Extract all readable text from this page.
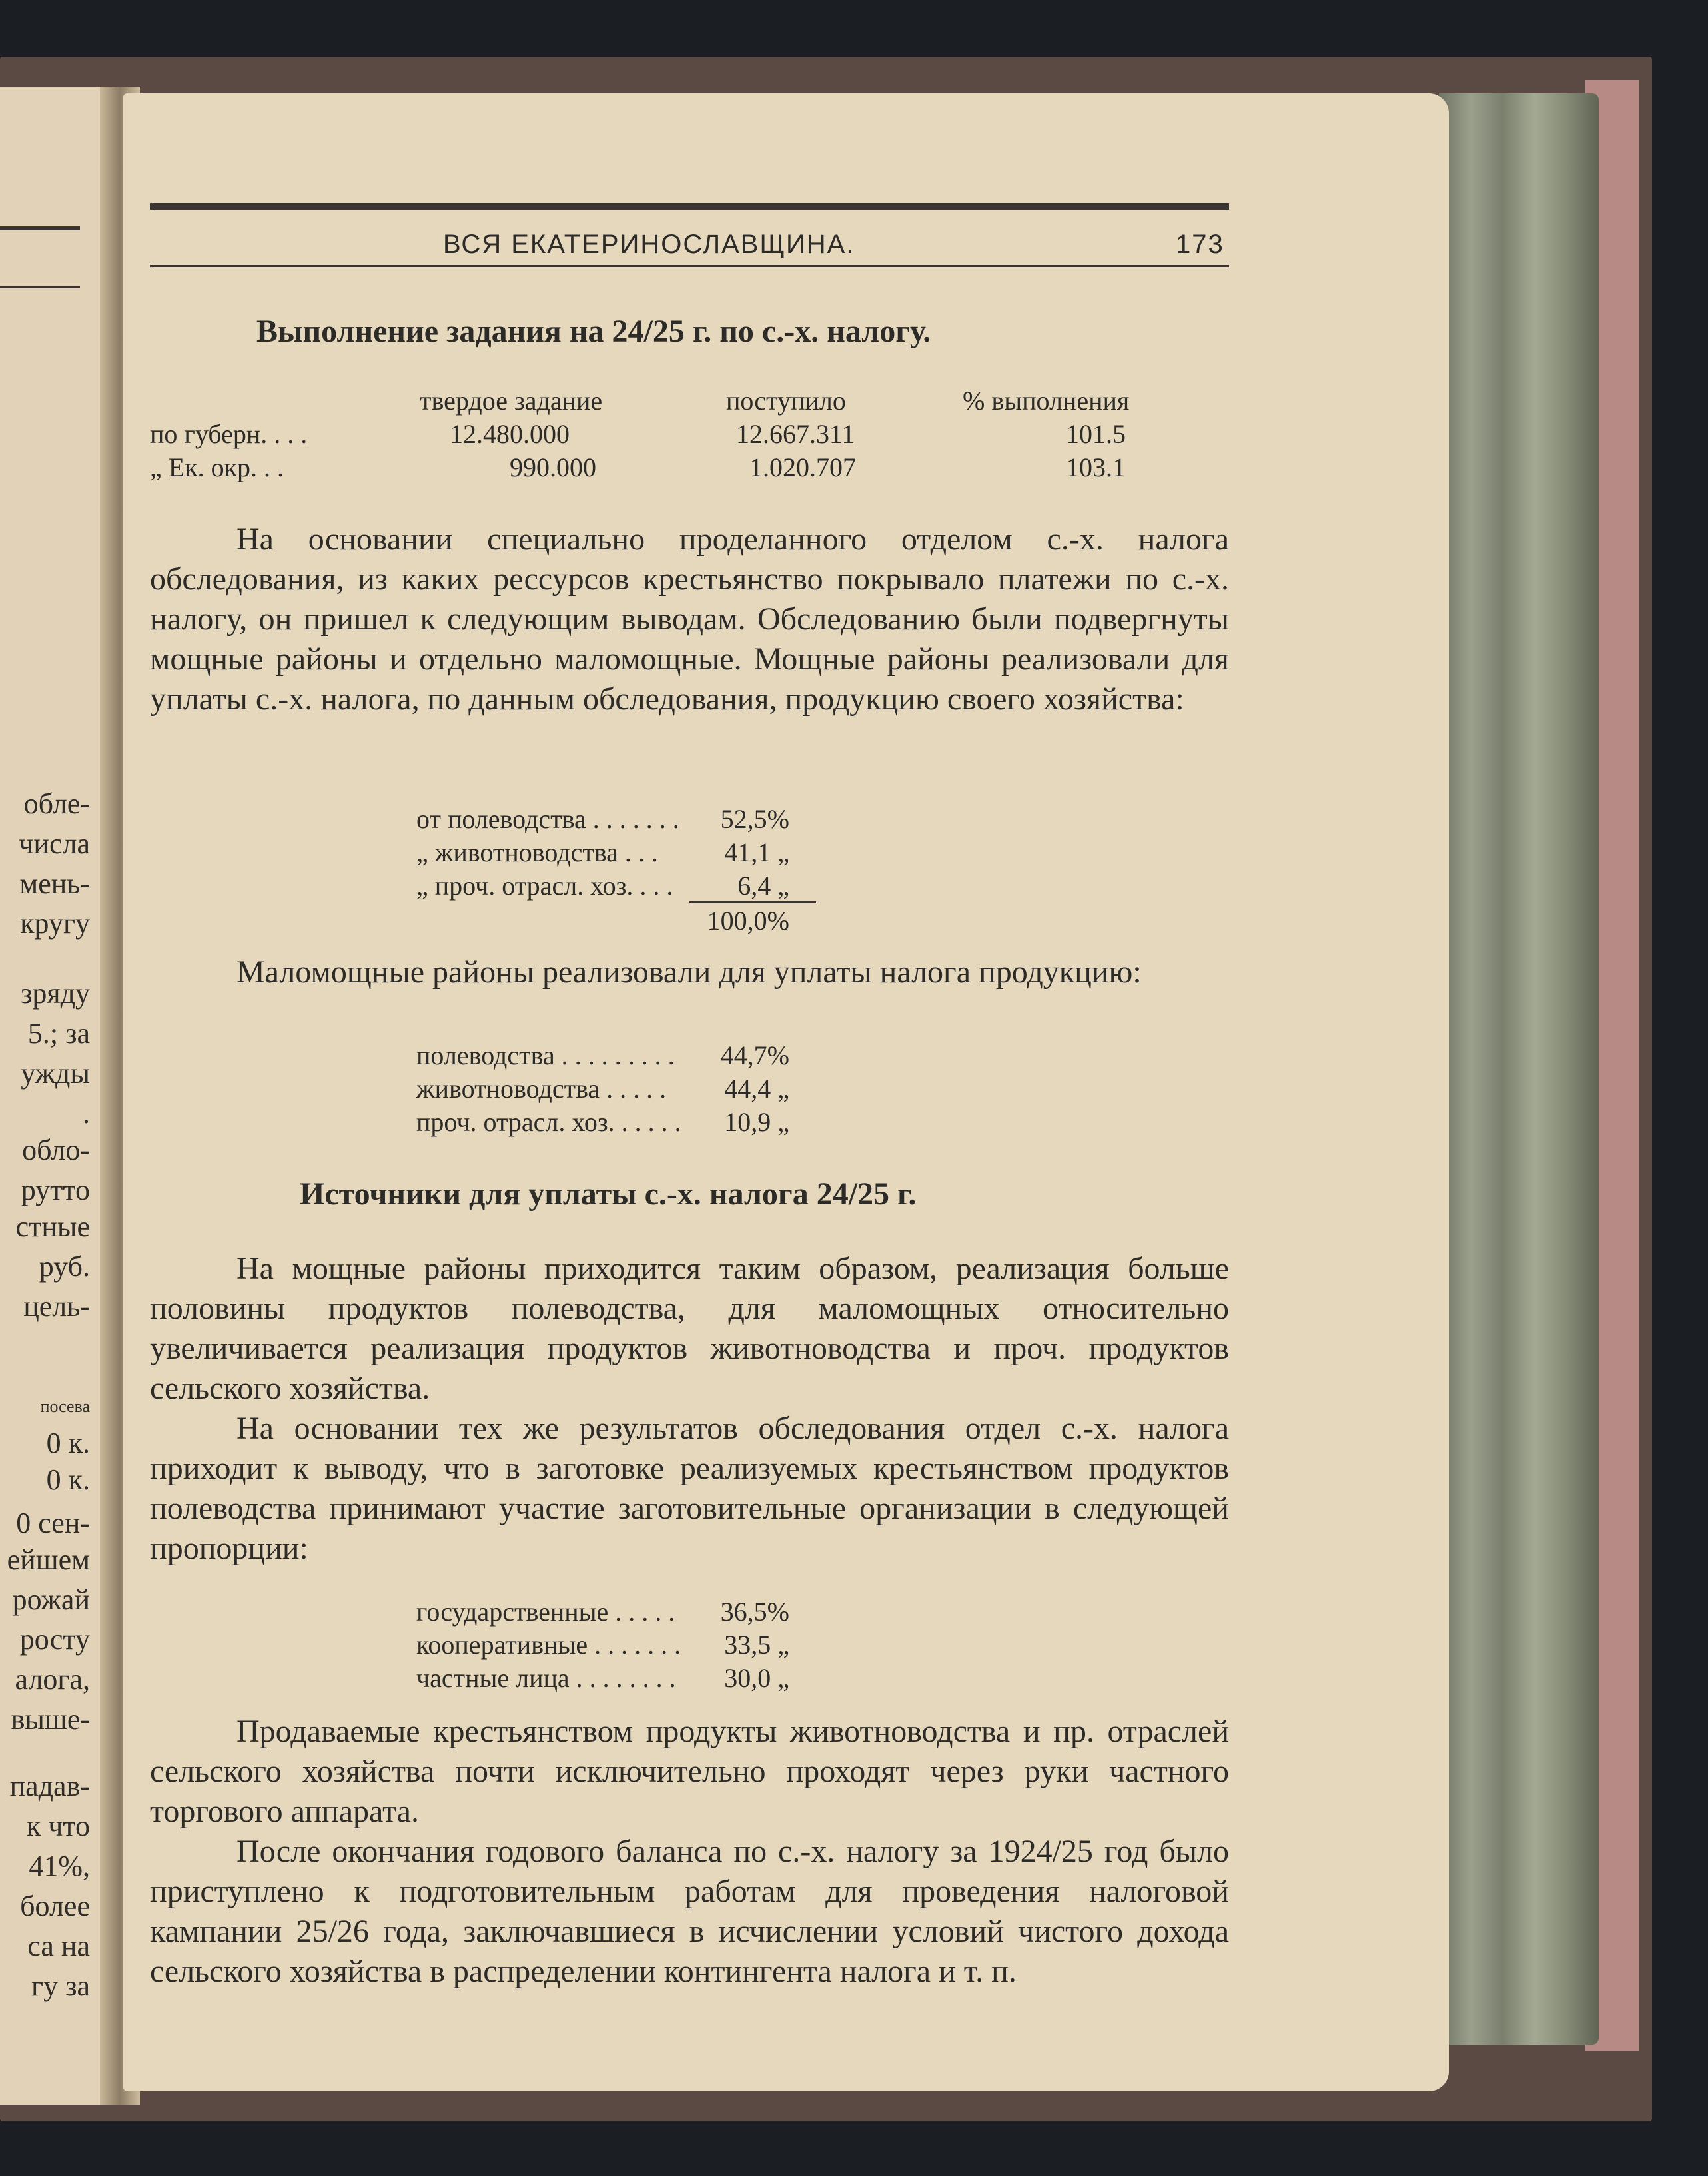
обле-
числа
мень-
кругу
зряду
5.; за
ужды
.
обло-
рутто
стные
руб.
цель-
посева
0 к.
0 к.
0 сен-
ейшем
рожай
росту
алога,
выше-
падав-
к что
41%,
более
са на
гу за
ВСЯ ЕКАТЕРИНОСЛАВЩИНА.	173
Выполнение задания на 24/25 г. по с.-х. налогу.
твердое задание	поступило	% выполнения
по губерн. . . .	12.480.000	12.667.311	101.5
„ Ек. окр. . .	990.000	1.020.707	103.1
На основании специально проделанного отделом с.-х. налога обследования, из каких рессурсов крестьянство покрывало платежи по с.-х. налогу, он пришел к следующим выводам. Обследованию были подвергнуты мощные районы и отдельно маломощные. Мощные районы реализовали для уплаты с.-х. налога, по данным обследования, продукцию своего хозяйства:
от полеводства . . . . . . . 52,5%
„ животноводства . . . 41,1 „
„ проч. отрасл. хоз. . . . 6,4 „
100,0%
Маломощные районы реализовали для уплаты налога продукцию:
полеводства . . . . . . . . . 44,7%
животноводства . . . . . 44,4 „
проч. отрасл. хоз. . . . . . 10,9 „
Источники для уплаты с.-х. налога 24/25 г.
На мощные районы приходится таким образом, реализация больше половины продуктов полеводства, для маломощных относительно увеличивается реализация продуктов животноводства и проч. продуктов сельского хозяйства.
На основании тех же результатов обследования отдел с.-х. налога приходит к выводу, что в заготовке реализуемых крестьянством продуктов полеводства принимают участие заготовительные организации в следующей пропорции:
государственные . . . . . 36,5%
кооперативные . . . . . . . 33,5 „
частные лица . . . . . . . . 30,0 „
Продаваемые крестьянством продукты животноводства и пр. отраслей сельского хозяйства почти исключительно проходят через руки частного торгового аппарата.
После окончания годового баланса по с.-х. налогу за 1924/25 год было приступлено к подготовительным работам для проведения налоговой кампании 25/26 года, заключавшиеся в исчислении условий чистого дохода сельского хозяйства в распределении контингента налога и т. п.
